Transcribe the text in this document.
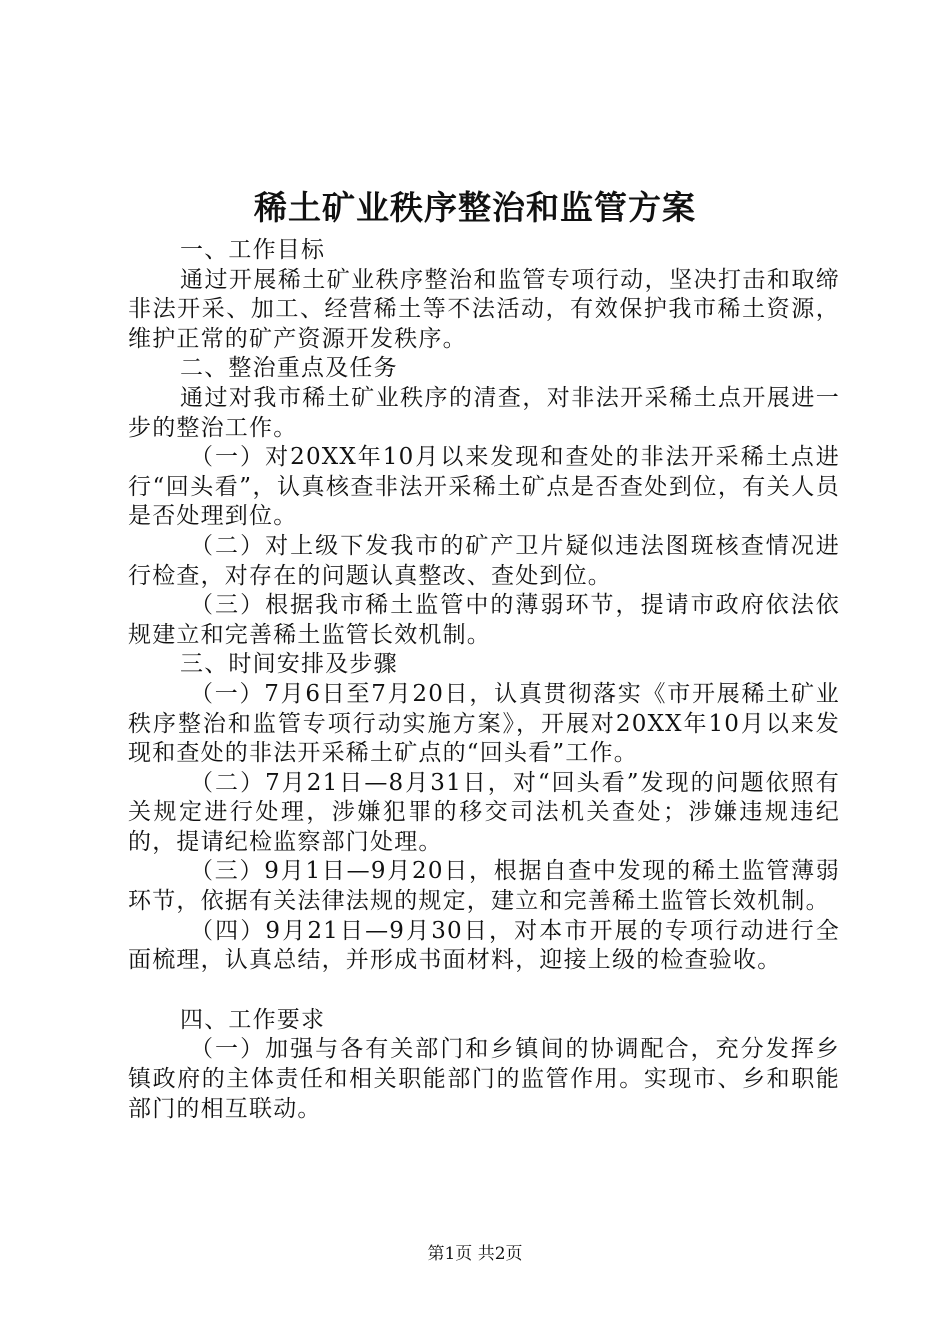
稀土矿业秩序整治和监管方案

一、工作目标

通过开展稀土矿业秩序整治和监管专项行动，坚决打击和取缔非法开采、加工、经营稀土等不法活动，有效保护我市稀土资源，维护正常的矿产资源开发秩序。

二、整治重点及任务

通过对我市稀土矿业秩序的清查，对非法开采稀土点开展进一步的整治工作。

（一）对20XX年10月以来发现和查处的非法开采稀土点进行“回头看”，认真核查非法开采稀土矿点是否查处到位，有关人员是否处理到位。

（二）对上级下发我市的矿产卫片疑似违法图斑核查情况进行检查，对存在的问题认真整改、查处到位。

（三）根据我市稀土监管中的薄弱环节，提请市政府依法依规建立和完善稀土监管长效机制。

三、时间安排及步骤

（一）7月6日至7月20日，认真贯彻落实《市开展稀土矿业秩序整治和监管专项行动实施方案》，开展对20XX年10月以来发现和查处的非法开采稀土矿点的“回头看”工作。

（二）7月21日—8月31日，对“回头看”发现的问题依照有关规定进行处理，涉嫌犯罪的移交司法机关查处；涉嫌违规违纪的，提请纪检监察部门处理。

（三）9月1日—9月20日，根据自查中发现的稀土监管薄弱环节，依据有关法律法规的规定，建立和完善稀土监管长效机制。

（四）9月21日—9月30日，对本市开展的专项行动进行全面梳理，认真总结，并形成书面材料，迎接上级的检查验收。

四、工作要求

（一）加强与各有关部门和乡镇间的协调配合，充分发挥乡镇政府的主体责任和相关职能部门的监管作用。实现市、乡和职能部门的相互联动。

第1页 共2页
